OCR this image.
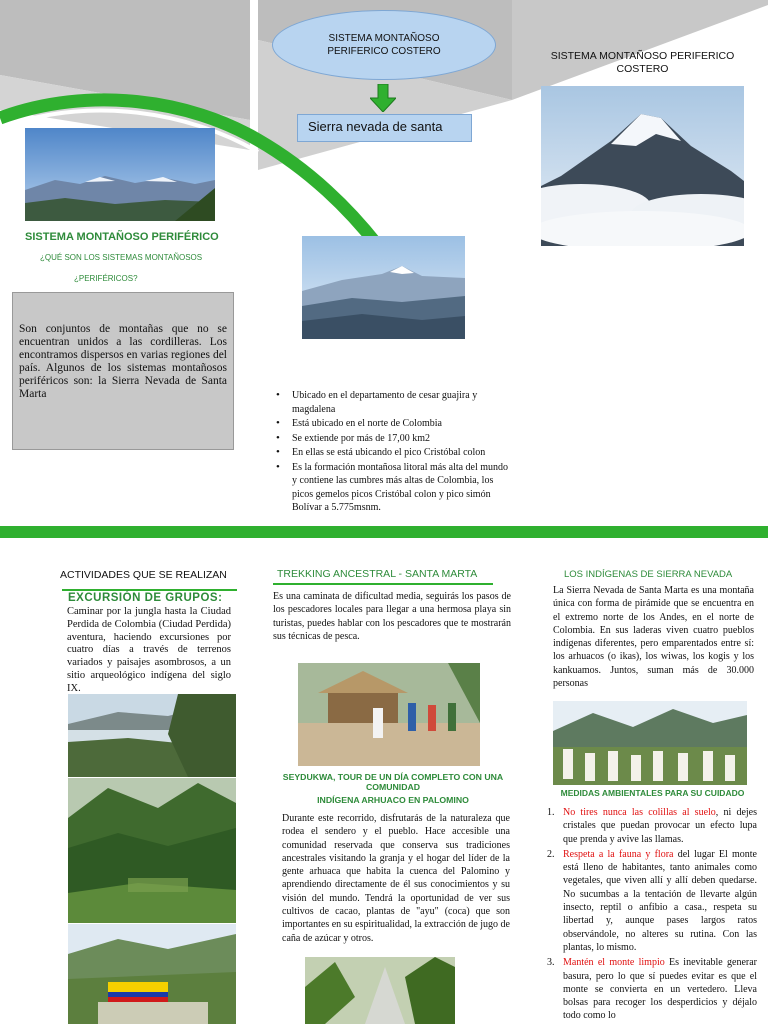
SISTEMA MONTAÑOSO PERIFÉRICO
¿QUÉ SON LOS SISTEMAS MONTAÑOSOS
¿PERIFÉRICOS?

Son conjuntos de montañas que no se encuentran unidos a las cordilleras. Los encontramos dispersos en varias regiones del país. Algunos de los sistemas montañosos periféricos son: la Sierra Nevada de Santa Marta

SISTEMA MONTAÑOSO PERIFERICO COSTERO
Sierra nevada de santa
• Ubicado en el departamento de cesar guajira y magdalena
• Está ubicado en el norte de Colombia
• Se extiende por más de 17,00 km2
• En ellas se está ubicando el pico Cristóbal colon
• Es la formación montañosa litoral más alta del mundo y contiene las cumbres más altas de Colombia, los picos gemelos picos Cristóbal colon y pico simón Bolívar a 5.775msnm.
SISTEMA MONTAÑOSO PERIFERICO COSTERO
ACTIVIDADES QUE SE REALIZAN
EXCURSIÓN DE GRUPOS:

Caminar por la jungla hasta la Ciudad Perdida de Colombia (Ciudad Perdida) aventura, haciendo excursiones por cuatro días a través de terrenos variados y paisajes asombrosos, a un sitio arqueológico indígena del siglo IX.

TREKKING ANCESTRAL - SANTA MARTA

Es una caminata de dificultad media, seguirás los pasos de los pescadores locales para llegar a una hermosa playa sin turistas, puedes hablar con los pescadores que te mostrarán sus técnicas de pesca.

SEYDUKWA, TOUR DE UN DÍA COMPLETO CON UNA COMUNIDAD
INDÍGENA ARHUACO EN PALOMINO

Durante este recorrido, disfrutarás de la naturaleza que rodea el sendero y el pueblo. Hace accesible una comunidad reservada que conserva sus tradiciones ancestrales visitando la granja y el hogar del líder de la gente arhuaca que habita la cuenca del Palomino y aprendiendo directamente de él sus conocimientos y su visión del mundo. Tendrá la oportunidad de ver sus cultivos de cacao, plantas de "ayu" (coca) que son importantes en su espiritualidad, la extracción de jugo de caña de azúcar y otros.

LOS INDÍGENAS DE SIERRA NEVADA

La Sierra Nevada de Santa Marta es una montaña única con forma de pirámide que se encuentra en el extremo norte de los Andes, en el norte de Colombia. En sus laderas viven cuatro pueblos indígenas diferentes, pero emparentados entre sí: los arhuacos (o ikas), los wiwas, los kogis y los kankuamos. Juntos, suman más de 30.000 personas

MEDIDAS AMBIENTALES PARA SU CUIDADO
1. No tires nunca las colillas al suelo, ni dejes cristales que puedan provocar un efecto lupa que prenda y avive las llamas.
2. Respeta a la fauna y flora del lugar El monte está lleno de habitantes, tanto animales como vegetales, que viven allí y allí deben quedarse. No sucumbas a la tentación de llevarte algún insecto, reptil o anfibio a casa., respeta su libertad y, aunque pases largos ratos observándole, no alteres su rutina. Con las plantas, lo mismo.
3. Mantén el monte limpio Es inevitable generar basura, pero lo que sí puedes evitar es que el monte se convierta en un vertedero. Lleva bolsas para recoger los desperdicios y déjalo todo como lo
